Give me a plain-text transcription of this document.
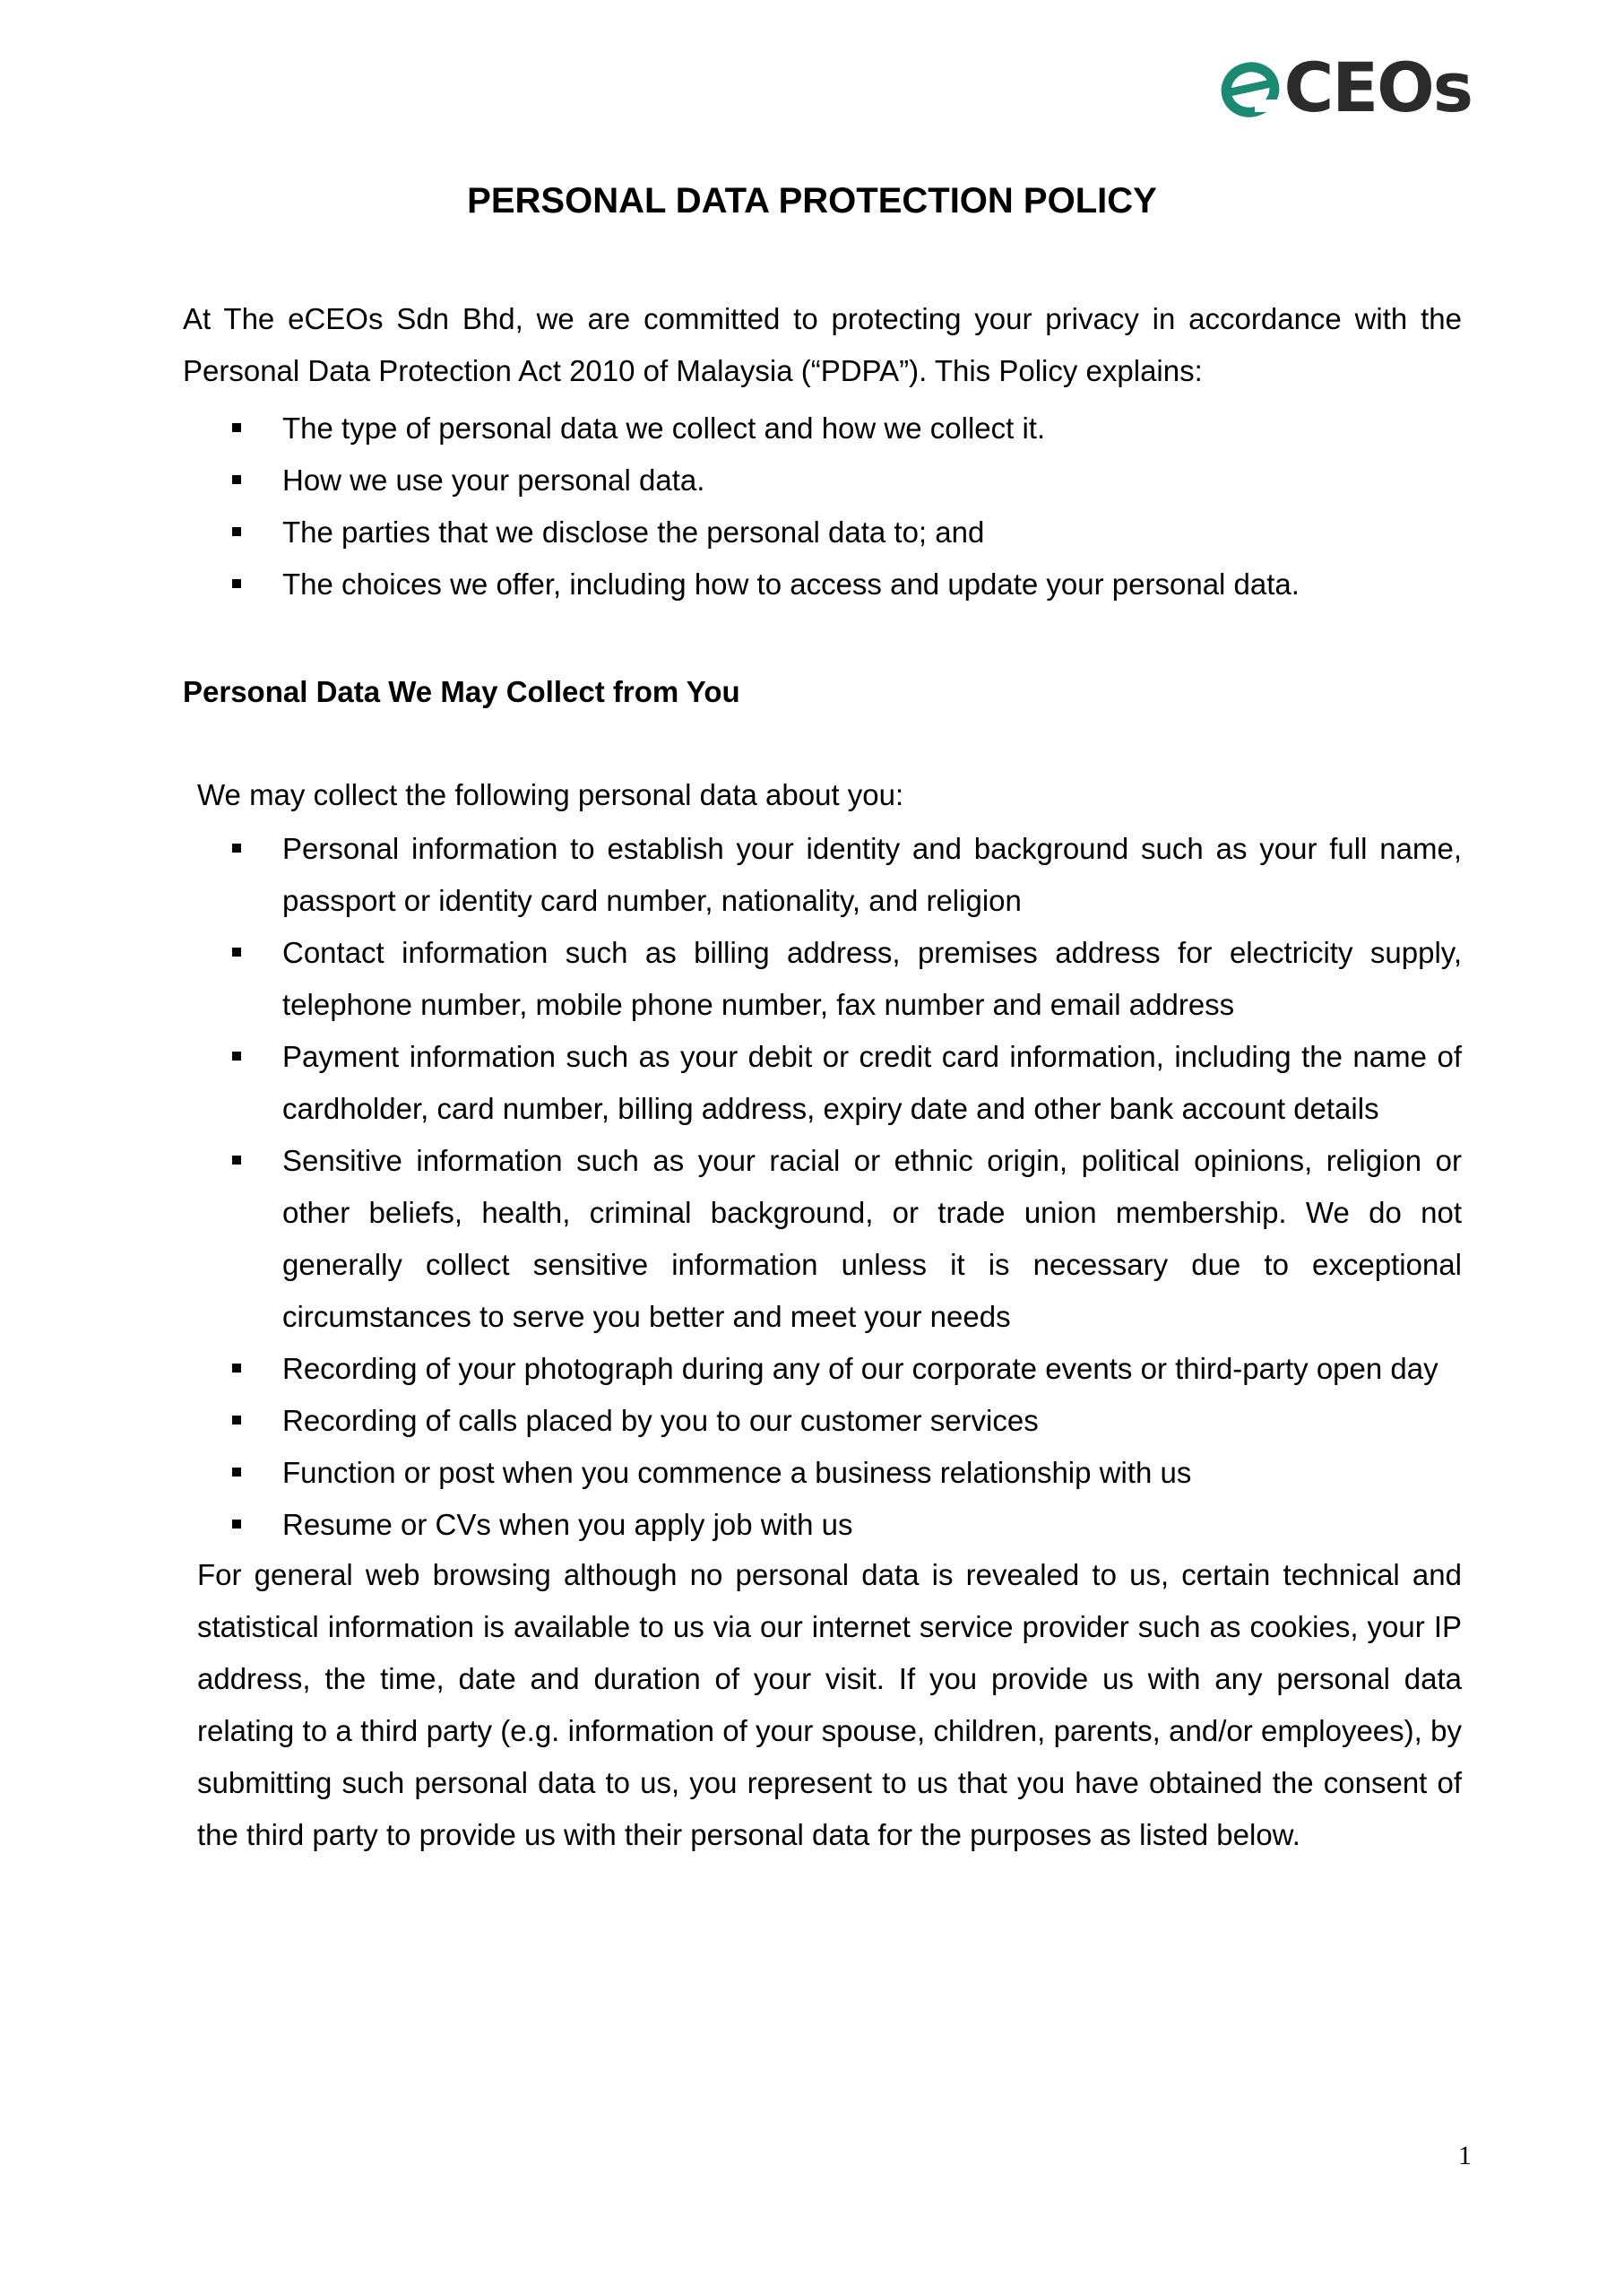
CEOs
PERSONAL DATA PROTECTION POLICY
At The eCEOs Sdn Bhd, we are committed to protecting your privacy in accordance with the Personal Data Protection Act 2010 of Malaysia (“PDPA”). This Policy explains:
The type of personal data we collect and how we collect it.
How we use your personal data.
The parties that we disclose the personal data to; and
The choices we offer, including how to access and update your personal data.
Personal Data We May Collect from You
We may collect the following personal data about you:
Personal information to establish your identity and background such as your full name, passport or identity card number, nationality, and religion
Contact information such as billing address, premises address for electricity supply, telephone number, mobile phone number, fax number and email address
Payment information such as your debit or credit card information, including the name of cardholder, card number, billing address, expiry date and other bank account details
Sensitive information such as your racial or ethnic origin, political opinions, religion or other beliefs, health, criminal background, or trade union membership. We do not generally collect sensitive information unless it is necessary due to exceptional circumstances to serve you better and meet your needs
Recording of your photograph during any of our corporate events or third-party open day
Recording of calls placed by you to our customer services
Function or post when you commence a business relationship with us
Resume or CVs when you apply job with us
For general web browsing although no personal data is revealed to us, certain technical and statistical information is available to us via our internet service provider such as cookies, your IP address, the time, date and duration of your visit. If you provide us with any personal data relating to a third party (e.g. information of your spouse, children, parents, and/or employees), by submitting such personal data to us, you represent to us that you have obtained the consent of the third party to provide us with their personal data for the purposes as listed below.
1
